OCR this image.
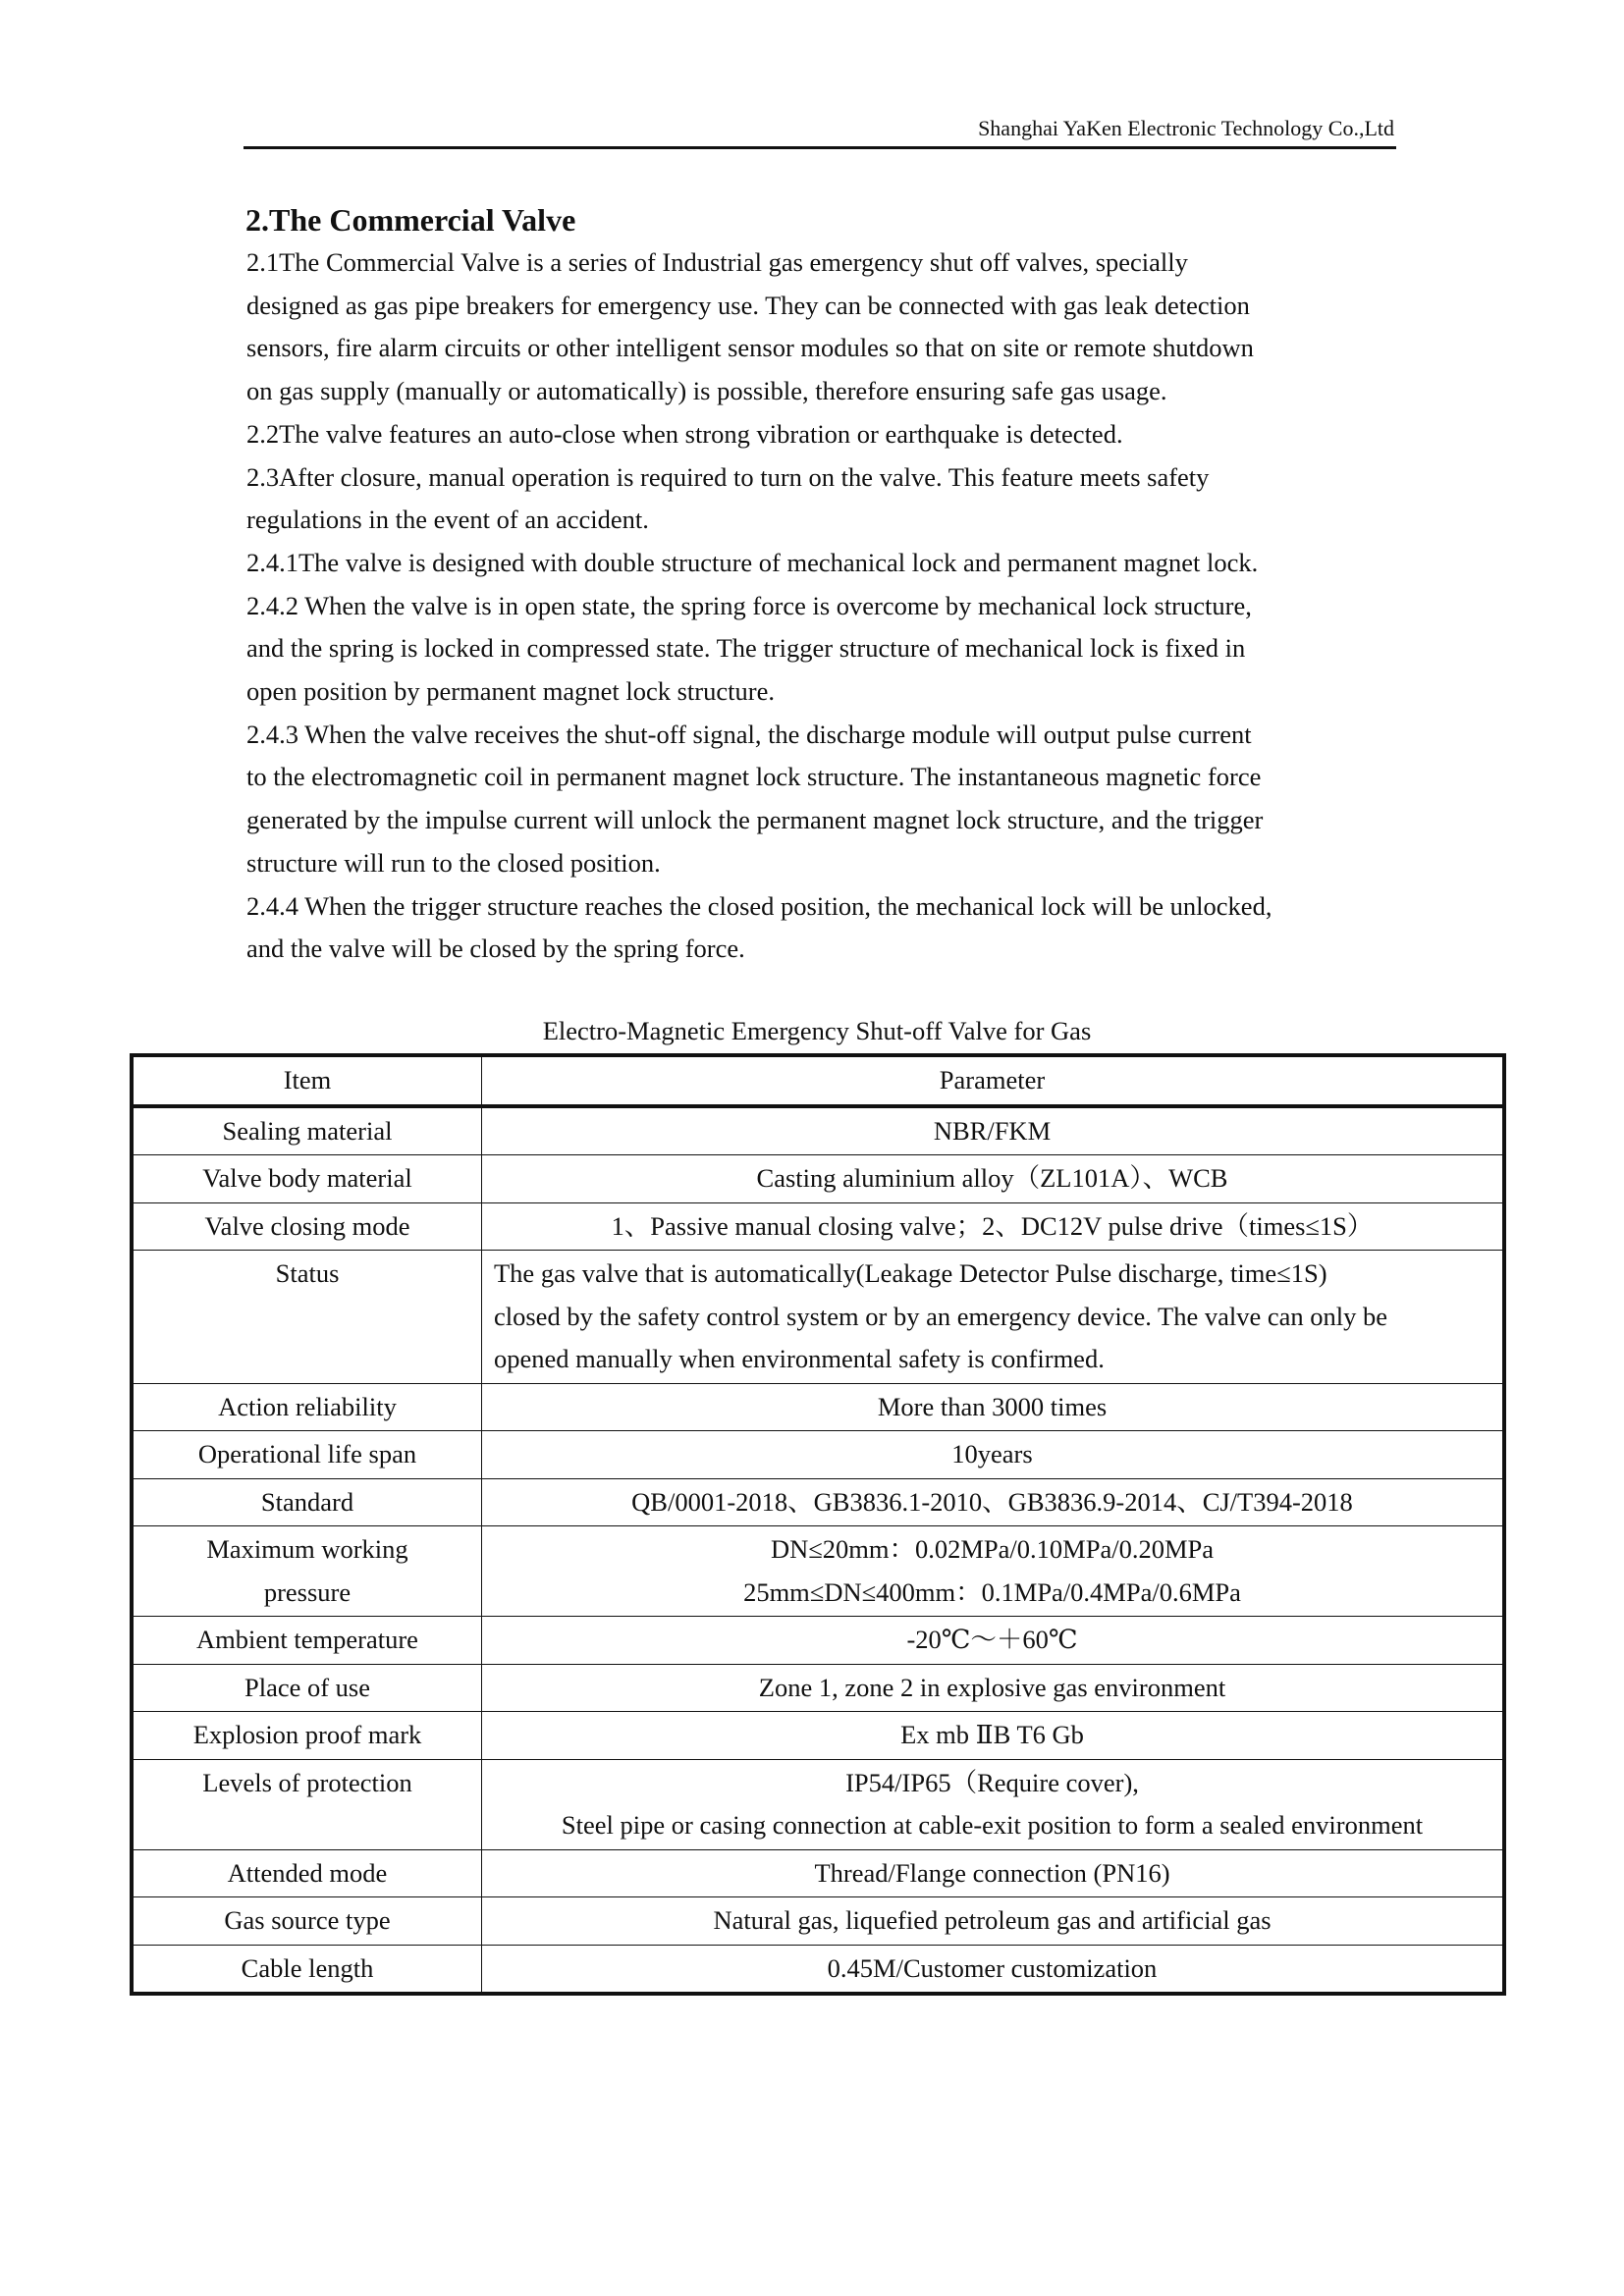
Shanghai YaKen Electronic Technology Co.,Ltd
2.The Commercial Valve

2.1The Commercial Valve is a series of Industrial gas emergency shut off valves, specially
designed as gas pipe breakers for emergency use. They can be connected with gas leak detection
sensors, fire alarm circuits or other intelligent sensor modules so that on site or remote shutdown
on gas supply (manually or automatically) is possible, therefore ensuring safe gas usage.

2.2The valve features an auto-close when strong vibration or earthquake is detected.

2.3After closure, manual operation is required to turn on the valve. This feature meets safety
regulations in the event of an accident.

2.4.1The valve is designed with double structure of mechanical lock and permanent magnet lock.

2.4.2 When the valve is in open state, the spring force is overcome by mechanical lock structure,
and the spring is locked in compressed state. The trigger structure of mechanical lock is fixed in
open position by permanent magnet lock structure.

2.4.3 When the valve receives the shut-off signal, the discharge module will output pulse current
to the electromagnetic coil in permanent magnet lock structure. The instantaneous magnetic force
generated by the impulse current will unlock the permanent magnet lock structure, and the trigger
structure will run to the closed position.

2.4.4 When the trigger structure reaches the closed position, the mechanical lock will be unlocked,
and the valve will be closed by the spring force.

Electro-Magnetic Emergency Shut-off Valve for Gas
Item	Parameter
Sealing material	NBR/FKM
Valve body material	Casting aluminium alloy（ZL101A）、WCB
Valve closing mode	1、Passive manual closing valve；2、DC12V pulse drive（times≤1S）
Status	The gas valve that is automatically(Leakage Detector Pulse discharge, time≤1S)
closed by the safety control system or by an emergency device. The valve can only be
opened manually when environmental safety is confirmed.
Action reliability	More than 3000 times
Operational life span	10years
Standard	QB/0001-2018、GB3836.1-2010、GB3836.9-2014、CJ/T394-2018
Maximum working
pressure	DN≤20mm：0.02MPa/0.10MPa/0.20MPa
25mm≤DN≤400mm：0.1MPa/0.4MPa/0.6MPa
Ambient temperature	-20℃～＋60℃
Place of use	Zone 1, zone 2 in explosive gas environment
Explosion proof mark	Ex mb ⅡB T6 Gb
Levels of protection	IP54/IP65（Require cover),
Steel pipe or casing connection at cable-exit position to form a sealed environment
Attended mode	Thread/Flange connection (PN16)
Gas source type	Natural gas, liquefied petroleum gas and artificial gas
Cable length	0.45M/Customer customization
